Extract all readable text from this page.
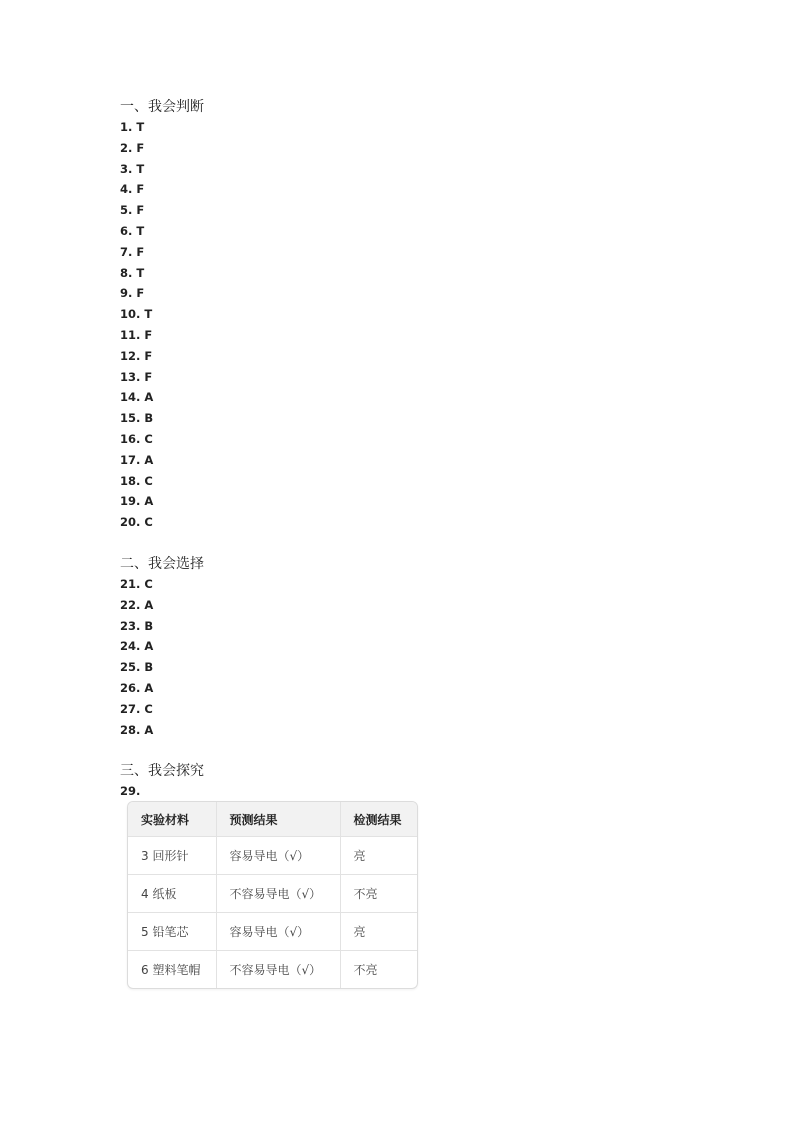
一、我会判断
1. T
2. F
3. T
4. F
5. F
6. T
7. F
8. T
9. F
10. T
11. F
12. F
13. F
14. A
15. B
16. C
17. A
18. C
19. A
20. C
二、我会选择
21. C
22. A
23. B
24. A
25. B
26. A
27. C
28. A
三、我会探究
29.
实验材料	预测结果	检测结果
3 回形针	容易导电（√）	亮
4 纸板	不容易导电（√）	不亮
5 铅笔芯	容易导电（√）	亮
6 塑料笔帽	不容易导电（√）	不亮
